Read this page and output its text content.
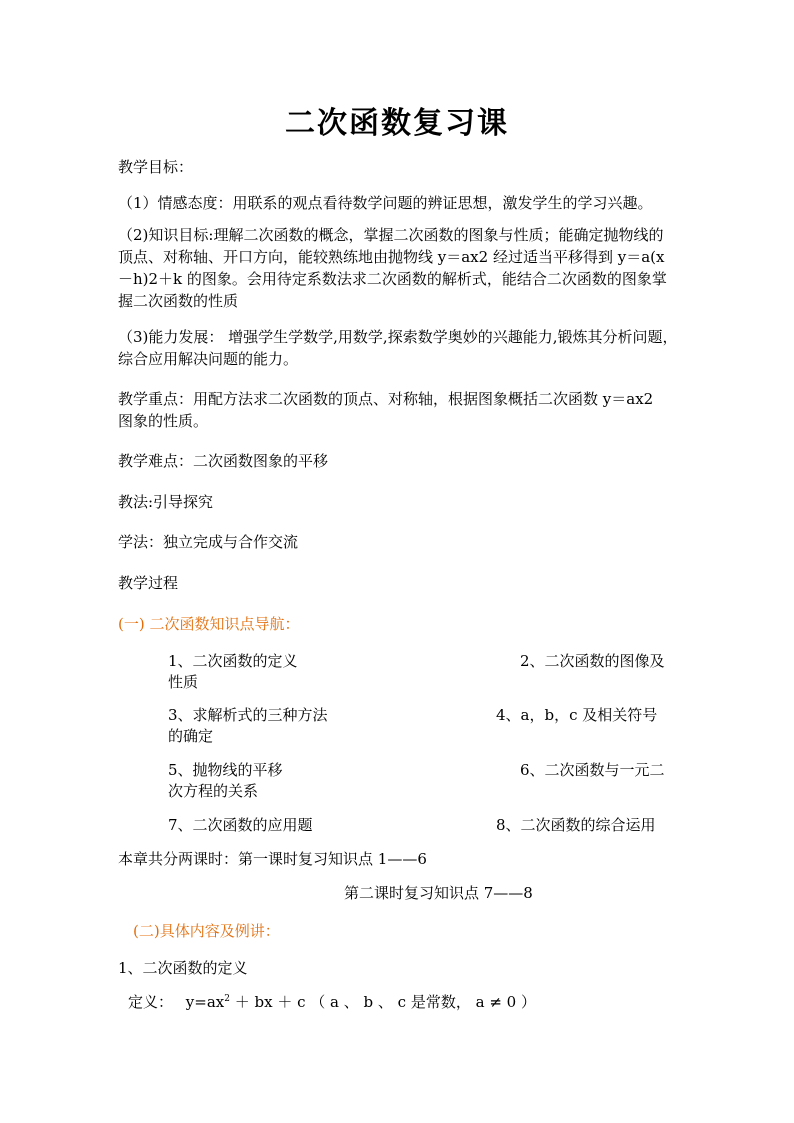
二次函数复习课
教学目标：
（1）情感态度：用联系的观点看待数学问题的辨证思想，激发学生的学习兴趣。
（2)知识目标:理解二次函数的概念，掌握二次函数的图象与性质；能确定抛物线的顶点、对称轴、开口方向，能较熟练地由抛物线 y＝ax2 经过适当平移得到 y＝a(x－h)2＋k 的图象。会用待定系数法求二次函数的解析式，能结合二次函数的图象掌握二次函数的性质
（3)能力发展： 增强学生学数学,用数学,探索数学奥妙的兴趣能力,锻炼其分析问题，综合应用解决问题的能力。
教学重点：用配方法求二次函数的顶点、对称轴，根据图象概括二次函数 y＝ax2 图象的性质。
教学难点：二次函数图象的平移
教法:引导探究
学法：独立完成与合作交流
教学过程
(一) 二次函数知识点导航：
1、二次函数的定义	2、二次函数的图像及
性质
3、求解析式的三种方法	4、a，b，c 及相关符号
的确定
5、抛物线的平移	6、二次函数与一元二
次方程的关系
7、二次函数的应用题	8、二次函数的综合运用
本章共分两课时：第一课时复习知识点 1——6
第二课时复习知识点 7——8
(二)具体内容及例讲：
1、二次函数的定义
定义： $y=ax^2$ ＋ bx ＋ c （ a 、 b 、 c 是常数， a ≠ 0 ）
